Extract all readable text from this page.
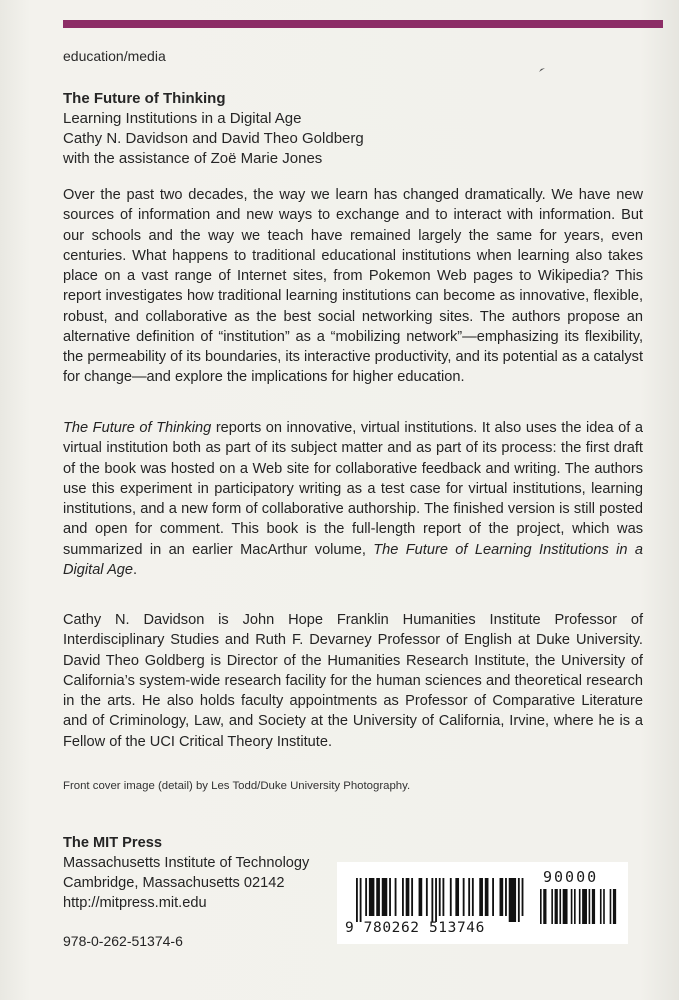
education/media
The Future of Thinking
Learning Institutions in a Digital Age
Cathy N. Davidson and David Theo Goldberg
with the assistance of Zoë Marie Jones

Over the past two decades, the way we learn has changed dramatically. We have new sources of information and new ways to exchange and to interact with information. But our schools and the way we teach have remained largely the same for years, even centuries. What happens to traditional educational institutions when learning also takes place on a vast range of Internet sites, from Pokemon Web pages to Wikipedia? This report investigates how traditional learning institutions can become as innovative, flexible, robust, and collaborative as the best social networking sites. The authors propose an alternative definition of “institution” as a “mobilizing network”—emphasizing its flexibility, the permeability of its boundaries, its interactive productivity, and its potential as a catalyst for change—and explore the implications for higher education.

The Future of Thinking reports on innovative, virtual institutions. It also uses the idea of a virtual institution both as part of its subject matter and as part of its process: the first draft of the book was hosted on a Web site for collaborative feedback and writing. The authors use this experiment in participatory writing as a test case for virtual institutions, learning institutions, and a new form of collaborative authorship. The finished version is still posted and open for comment. This book is the full-length report of the project, which was summarized in an earlier MacArthur volume, The Future of Learning Institutions in a Digital Age.

Cathy N. Davidson is John Hope Franklin Humanities Institute Professor of Interdisciplinary Studies and Ruth F. Devarney Professor of English at Duke University. David Theo Goldberg is Director of the Humanities Research Institute, the University of California’s system-wide research facility for the human sciences and theoretical research in the arts. He also holds faculty appointments as Professor of Comparative Literature and of Criminology, Law, and Society at the University of California, Irvine, where he is a Fellow of the UCI Critical Theory Institute.

Front cover image (detail) by Les Todd/Duke University Photography.
The MIT Press
Massachusetts Institute of Technology
Cambridge, Massachusetts 02142
http://mitpress.mit.edu
978-0-262-51374-6
9 780262 513746
90000
